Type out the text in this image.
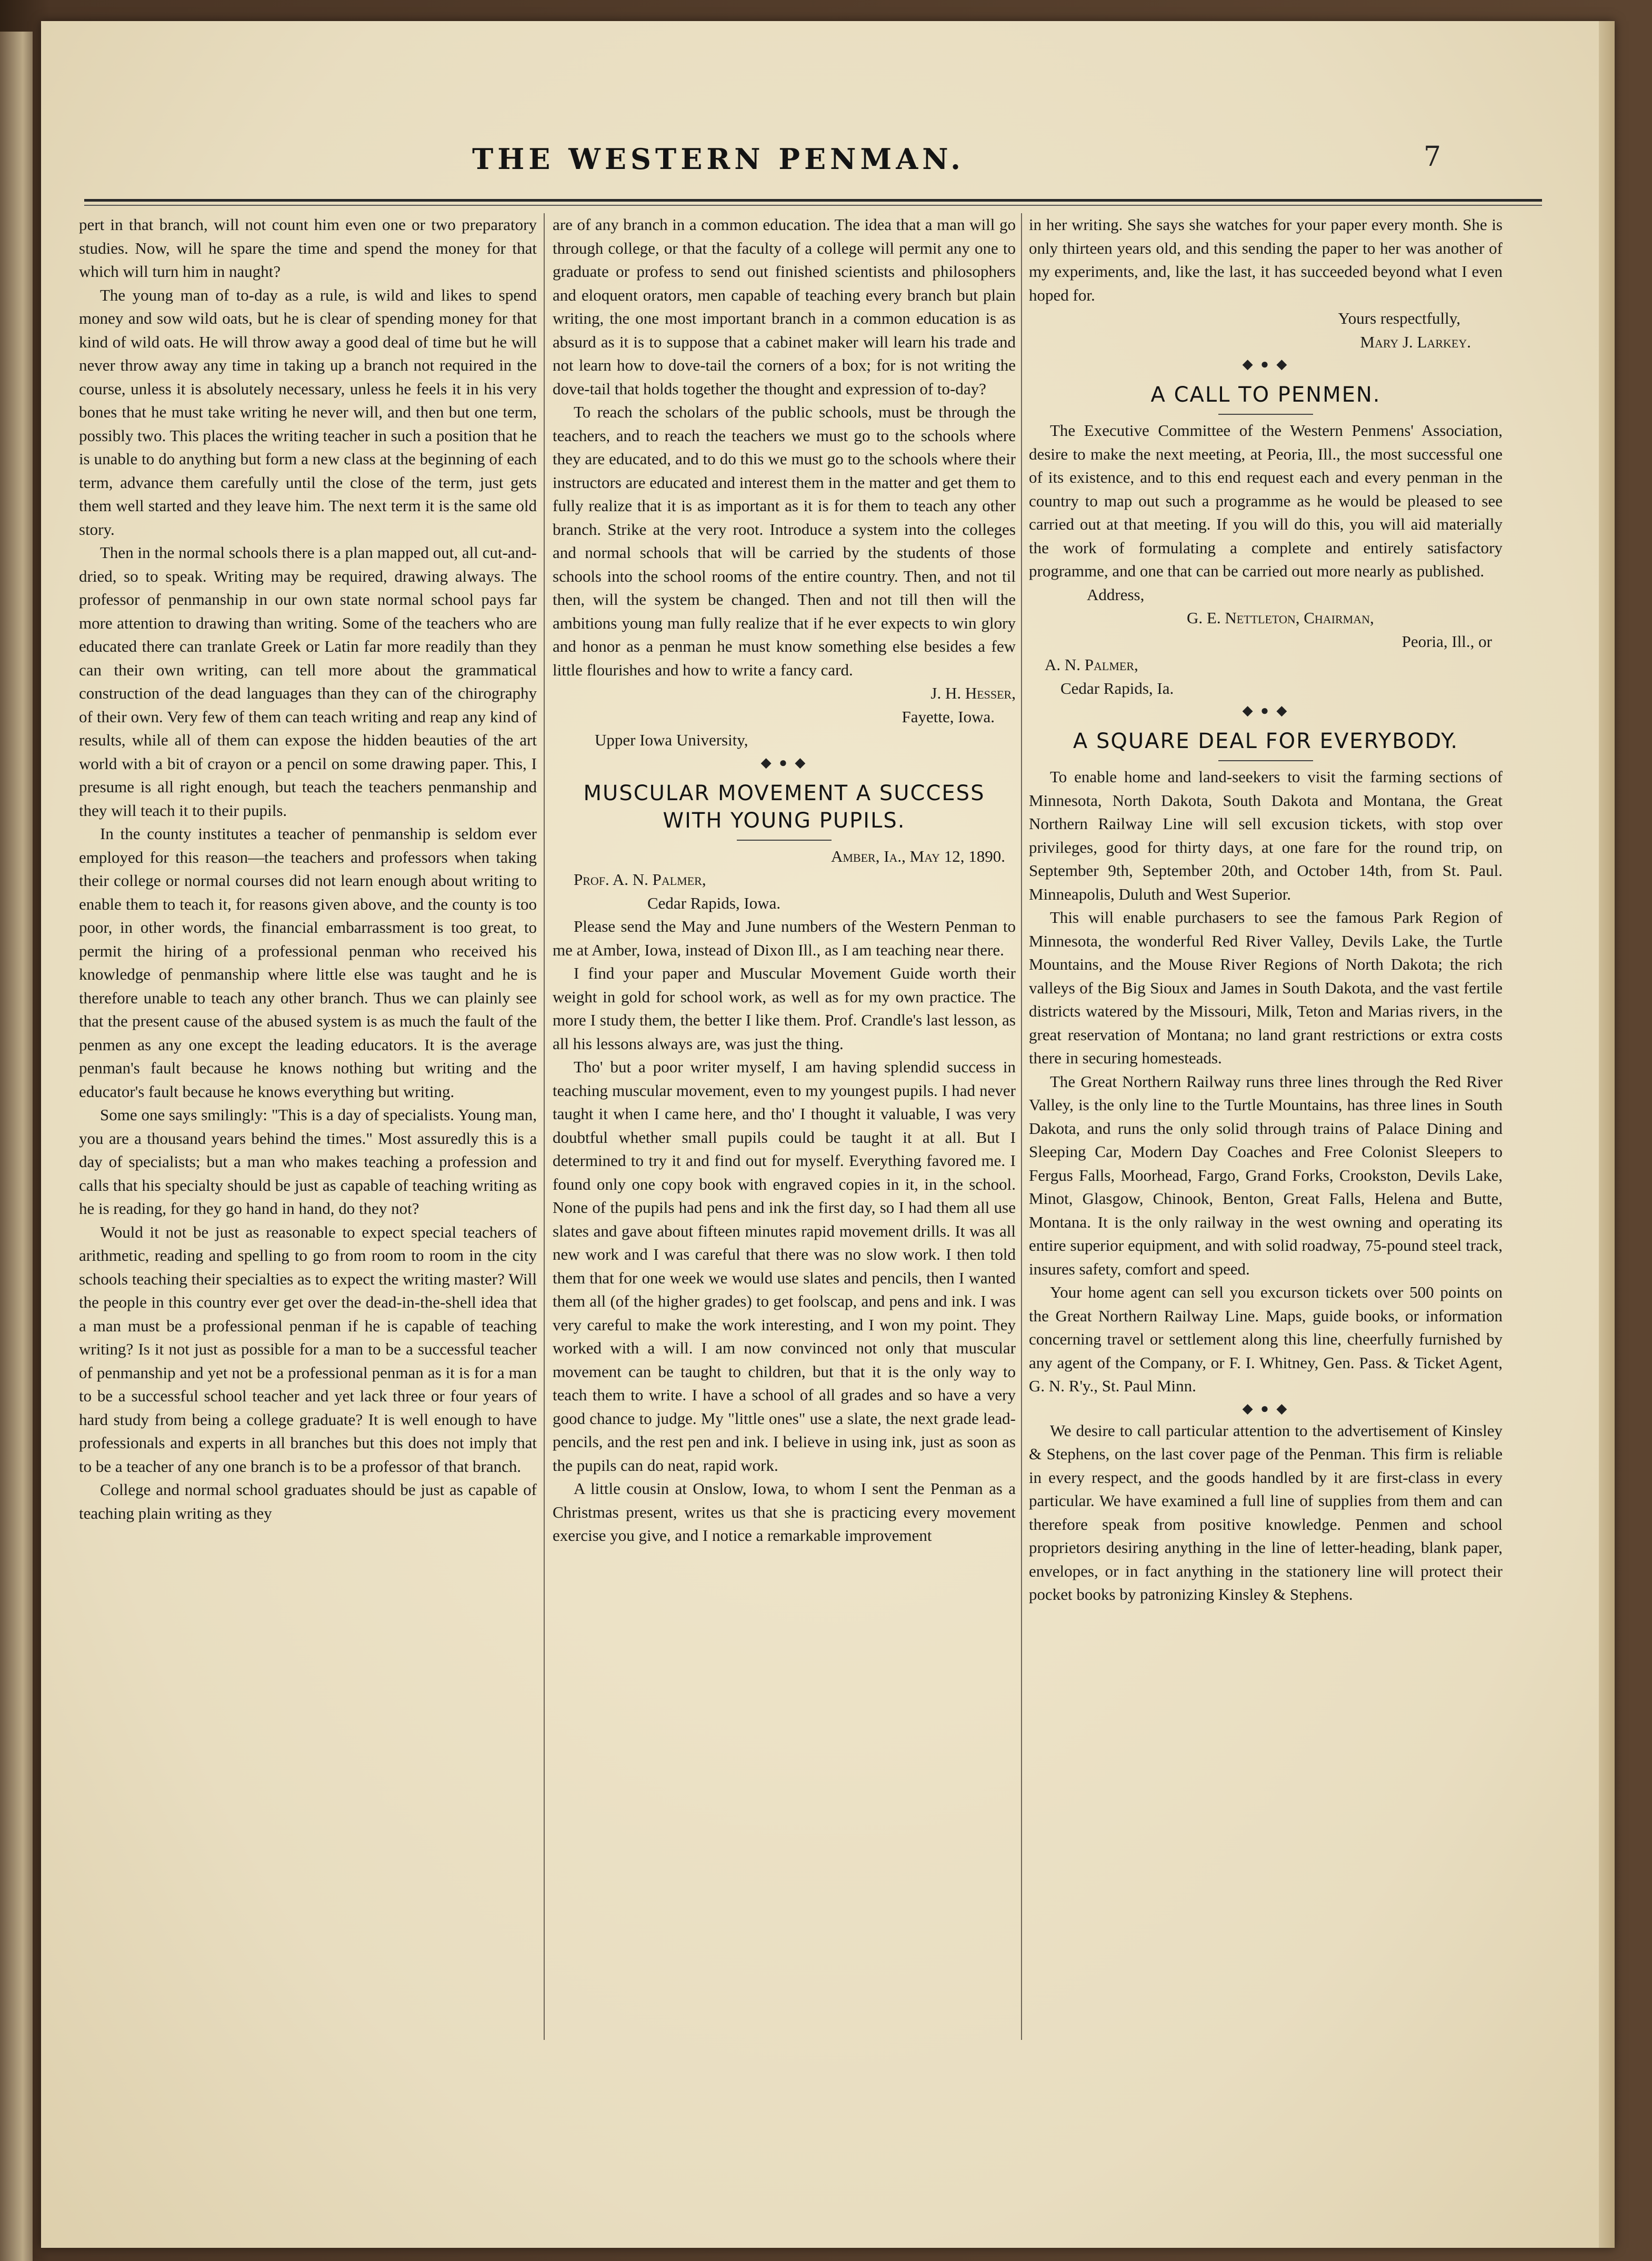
THE WESTERN PENMAN.	7

pert in that branch, will not count him even one or two preparatory studies. Now, will he spare the time and spend the money for that which will turn him in naught?

The young man of to-day as a rule, is wild and likes to spend money and sow wild oats, but he is clear of spending money for that kind of wild oats. He will throw away a good deal of time but he will never throw away any time in taking up a branch not required in the course, unless it is absolutely necessary, unless he feels it in his very bones that he must take writing he never will, and then but one term, possibly two. This places the writing teacher in such a position that he is unable to do anything but form a new class at the beginning of each term, advance them carefully until the close of the term, just gets them well started and they leave him. The next term it is the same old story.

Then in the normal schools there is a plan mapped out, all cut-and-dried, so to speak. Writing may be required, drawing always. The professor of penmanship in our own state normal school pays far more attention to drawing than writing. Some of the teachers who are educated there can tranlate Greek or Latin far more readily than they can their own writing, can tell more about the grammatical construction of the dead languages than they can of the chirography of their own. Very few of them can teach writing and reap any kind of results, while all of them can expose the hidden beauties of the art world with a bit of crayon or a pencil on some drawing paper. This, I presume is all right enough, but teach the teachers penmanship and they will teach it to their pupils.

In the county institutes a teacher of penmanship is seldom ever employed for this reason—the teachers and professors when taking their college or normal courses did not learn enough about writing to enable them to teach it, for reasons given above, and the county is too poor, in other words, the financial embarrassment is too great, to permit the hiring of a professional penman who received his knowledge of penmanship where little else was taught and he is therefore unable to teach any other branch. Thus we can plainly see that the present cause of the abused system is as much the fault of the penmen as any one except the leading educators. It is the average penman's fault because he knows nothing but writing and the educator's fault because he knows everything but writing.

Some one says smilingly: "This is a day of specialists. Young man, you are a thousand years behind the times." Most assuredly this is a day of specialists; but a man who makes teaching a profession and calls that his specialty should be just as capable of teaching writing as he is reading, for they go hand in hand, do they not?

Would it not be just as reasonable to expect special teachers of arithmetic, reading and spelling to go from room to room in the city schools teaching their specialties as to expect the writing master? Will the people in this country ever get over the dead-in-the-shell idea that a man must be a professional penman if he is capable of teaching writing? Is it not just as possible for a man to be a successful teacher of penmanship and yet not be a professional penman as it is for a man to be a successful school teacher and yet lack three or four years of hard study from being a college graduate? It is well enough to have professionals and experts in all branches but this does not imply that to be a teacher of any one branch is to be a professor of that branch.

College and normal school graduates should be just as capable of teaching plain writing as they

are of any branch in a common education. The idea that a man will go through college, or that the faculty of a college will permit any one to graduate or profess to send out finished scientists and philosophers and eloquent orators, men capable of teaching every branch but plain writing, the one most important branch in a common education is as absurd as it is to suppose that a cabinet maker will learn his trade and not learn how to dove-tail the corners of a box; for is not writing the dove-tail that holds together the thought and expression of to-day?

To reach the scholars of the public schools, must be through the teachers, and to reach the teachers we must go to the schools where they are educated, and to do this we must go to the schools where their instructors are educated and interest them in the matter and get them to fully realize that it is as important as it is for them to teach any other branch. Strike at the very root. Introduce a system into the colleges and normal schools that will be carried by the students of those schools into the school rooms of the entire country. Then, and not til then, will the system be changed. Then and not till then will the ambitions young man fully realize that if he ever expects to win glory and honor as a penman he must know something else besides a few little flourishes and how to write a fancy card.

J. H. Hesser,

Fayette, Iowa.

Upper Iowa University,

◆ ● ◆
MUSCULAR MOVEMENT A SUCCESS WITH YOUNG PUPILS.

Amber, Ia., May 12, 1890.

Prof. A. N. Palmer,

Cedar Rapids, Iowa.

Please send the May and June numbers of the Western Penman to me at Amber, Iowa, instead of Dixon Ill., as I am teaching near there.

I find your paper and Muscular Movement Guide worth their weight in gold for school work, as well as for my own practice. The more I study them, the better I like them. Prof. Crandle's last lesson, as all his lessons always are, was just the thing.

Tho' but a poor writer myself, I am having splendid success in teaching muscular movement, even to my youngest pupils. I had never taught it when I came here, and tho' I thought it valuable, I was very doubtful whether small pupils could be taught it at all. But I determined to try it and find out for myself. Everything favored me. I found only one copy book with engraved copies in it, in the school. None of the pupils had pens and ink the first day, so I had them all use slates and gave about fifteen minutes rapid movement drills. It was all new work and I was careful that there was no slow work. I then told them that for one week we would use slates and pencils, then I wanted them all (of the higher grades) to get foolscap, and pens and ink. I was very careful to make the work interesting, and I won my point. They worked with a will. I am now convinced not only that muscular movement can be taught to children, but that it is the only way to teach them to write. I have a school of all grades and so have a very good chance to judge. My "little ones" use a slate, the next grade lead-pencils, and the rest pen and ink. I believe in using ink, just as soon as the pupils can do neat, rapid work.

A little cousin at Onslow, Iowa, to whom I sent the Penman as a Christmas present, writes us that she is practicing every movement exercise you give, and I notice a remarkable improvement

in her writing. She says she watches for your paper every month. She is only thirteen years old, and this sending the paper to her was another of my experiments, and, like the last, it has succeeded beyond what I even hoped for.

Yours respectfully,

Mary J. Larkey.

◆ ● ◆
A CALL TO PENMEN.

The Executive Committee of the Western Penmens' Association, desire to make the next meeting, at Peoria, Ill., the most successful one of its existence, and to this end request each and every penman in the country to map out such a programme as he would be pleased to see carried out at that meeting. If you will do this, you will aid materially the work of formulating a complete and entirely satisfactory programme, and one that can be carried out more nearly as published.

Address,

G. E. Nettleton, Chairman,

Peoria, Ill., or

A. N. Palmer,

Cedar Rapids, Ia.

◆ ● ◆
A SQUARE DEAL FOR EVERYBODY.

To enable home and land-seekers to visit the farming sections of Minnesota, North Dakota, South Dakota and Montana, the Great Northern Railway Line will sell excusion tickets, with stop over privileges, good for thirty days, at one fare for the round trip, on September 9th, September 20th, and October 14th, from St. Paul. Minneapolis, Duluth and West Superior.

This will enable purchasers to see the famous Park Region of Minnesota, the wonderful Red River Valley, Devils Lake, the Turtle Mountains, and the Mouse River Regions of North Dakota; the rich valleys of the Big Sioux and James in South Dakota, and the vast fertile districts watered by the Missouri, Milk, Teton and Marias rivers, in the great reservation of Montana; no land grant restrictions or extra costs there in securing homesteads.

The Great Northern Railway runs three lines through the Red River Valley, is the only line to the Turtle Mountains, has three lines in South Dakota, and runs the only solid through trains of Palace Dining and Sleeping Car, Modern Day Coaches and Free Colonist Sleepers to Fergus Falls, Moorhead, Fargo, Grand Forks, Crookston, Devils Lake, Minot, Glasgow, Chinook, Benton, Great Falls, Helena and Butte, Montana. It is the only railway in the west owning and operating its entire superior equipment, and with solid roadway, 75-pound steel track, insures safety, comfort and speed.

Your home agent can sell you excurson tickets over 500 points on the Great Northern Railway Line. Maps, guide books, or information concerning travel or settlement along this line, cheerfully furnished by any agent of the Company, or F. I. Whitney, Gen. Pass. & Ticket Agent, G. N. R'y., St. Paul Minn.

◆ ● ◆

We desire to call particular attention to the advertisement of Kinsley & Stephens, on the last cover page of the Penman. This firm is reliable in every respect, and the goods handled by it are first-class in every particular. We have examined a full line of supplies from them and can therefore speak from positive knowledge. Penmen and school proprietors desiring anything in the line of letter-heading, blank paper, envelopes, or in fact anything in the stationery line will protect their pocket books by patronizing Kinsley & Stephens.
